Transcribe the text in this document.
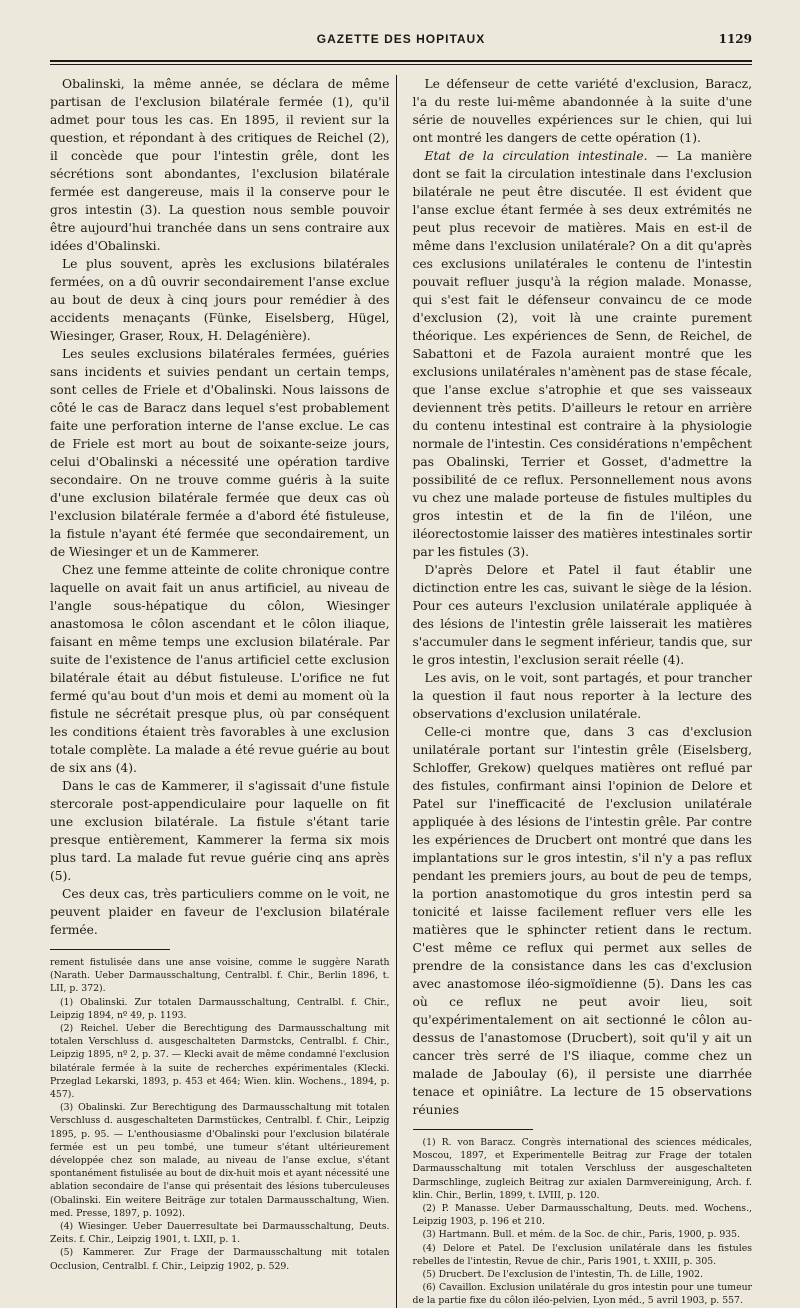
GAZETTE DES HOPITAUX	1129

Obalinski, la même année, se déclara de même partisan de l'exclusion bilatérale fermée (1), qu'il admet pour tous les cas. En 1895, il revient sur la question, et répondant à des critiques de Reichel (2), il concède que pour l'intestin grêle, dont les sécrétions sont abondantes, l'exclusion bilatérale fermée est dangereuse, mais il la conserve pour le gros intestin (3). La question nous semble pouvoir être aujourd'hui tranchée dans un sens contraire aux idées d'Obalinski.

Le plus souvent, après les exclusions bilatérales fermées, on a dû ouvrir secondairement l'anse exclue au bout de deux à cinq jours pour remédier à des accidents menaçants (Fünke, Eiselsberg, Hügel, Wiesinger, Graser, Roux, H. Delagénière).

Les seules exclusions bilatérales fermées, guéries sans incidents et suivies pendant un certain temps, sont celles de Friele et d'Obalinski. Nous laissons de côté le cas de Baracz dans lequel s'est probablement faite une perforation interne de l'anse exclue. Le cas de Friele est mort au bout de soixante-seize jours, celui d'Obalinski a nécessité une opération tardive secondaire. On ne trouve comme guéris à la suite d'une exclusion bilatérale fermée que deux cas où l'exclusion bilatérale fermée a d'abord été fistuleuse, la fistule n'ayant été fermée que secondairement, un de Wiesinger et un de Kammerer.

Chez une femme atteinte de colite chronique contre laquelle on avait fait un anus artificiel, au niveau de l'angle sous-hépatique du côlon, Wiesinger anastomosa le côlon ascendant et le côlon iliaque, faisant en même temps une exclusion bilatérale. Par suite de l'existence de l'anus artificiel cette exclusion bilatérale était au début fistuleuse. L'orifice ne fut fermé qu'au bout d'un mois et demi au moment où la fistule ne sécrétait presque plus, où par conséquent les conditions étaient très favorables à une exclusion totale complète. La malade a été revue guérie au bout de six ans (4).

Dans le cas de Kammerer, il s'agissait d'une fistule stercorale post-appendiculaire pour laquelle on fit une exclusion bilatérale. La fistule s'étant tarie presque entièrement, Kammerer la ferma six mois plus tard. La malade fut revue guérie cinq ans après (5).

Ces deux cas, très particuliers comme on le voit, ne peuvent plaider en faveur de l'exclusion bilatérale fermée.

rement fistulisée dans une anse voisine, comme le suggère Narath (Narath. Ueber Darmausschaltung, Centralbl. f. Chir., Berlin 1896, t. LII, p. 372).

(1) Obalinski. Zur totalen Darmausschaltung, Centralbl. f. Chir., Leipzig 1894, nº 49, p. 1193.

(2) Reichel. Ueber die Berechtigung des Darmausschaltung mit totalen Verschluss d. ausgeschalteten Darmstcks, Centralbl. f. Chir., Leipzig 1895, nº 2, p. 37. — Klecki avait de même condamné l'exclusion bilatérale fermée à la suite de recherches expérimentales (Klecki. Przeglad Lekarski, 1893, p. 453 et 464; Wien. klin. Wochens., 1894, p. 457).

(3) Obalinski. Zur Berechtigung des Darmausschaltung mit totalen Verschluss d. ausgeschalteten Darmstückes, Centralbl. f. Chir., Leipzig 1895, p. 95. — L'enthousiasme d'Obalinski pour l'exclusion bilatérale fermée est un peu tombé, une tumeur s'étant ultérieurement développée chez son malade, au niveau de l'anse exclue, s'étant spontanément fistulisée au bout de dix-huit mois et ayant nécessité une ablation secondaire de l'anse qui présentait des lésions tuberculeuses (Obalinski. Ein weitere Beiträge zur totalen Darmausschaltung, Wien. med. Presse, 1897, p. 1092).

(4) Wiesinger. Ueber Dauerresultate bei Darmausschaltung, Deuts. Zeits. f. Chir., Leipzig 1901, t. LXII, p. 1.

(5) Kammerer. Zur Frage der Darmausschaltung mit totalen Occlusion, Centralbl. f. Chir., Leipzig 1902, p. 529.

Le défenseur de cette variété d'exclusion, Baracz, l'a du reste lui-même abandonnée à la suite d'une série de nouvelles expériences sur le chien, qui lui ont montré les dangers de cette opération (1).

Etat de la circulation intestinale. — La manière dont se fait la circulation intestinale dans l'exclusion bilatérale ne peut être discutée. Il est évident que l'anse exclue étant fermée à ses deux extrémités ne peut plus recevoir de matières. Mais en est-il de même dans l'exclusion unilatérale? On a dit qu'après ces exclusions unilatérales le contenu de l'intestin pouvait refluer jusqu'à la région malade. Monasse, qui s'est fait le défenseur convaincu de ce mode d'exclusion (2), voit là une crainte purement théorique. Les expériences de Senn, de Reichel, de Sabattoni et de Fazola auraient montré que les exclusions unilatérales n'amènent pas de stase fécale, que l'anse exclue s'atrophie et que ses vaisseaux deviennent très petits. D'ailleurs le retour en arrière du contenu intestinal est contraire à la physiologie normale de l'intestin. Ces considérations n'empêchent pas Obalinski, Terrier et Gosset, d'admettre la possibilité de ce reflux. Personnellement nous avons vu chez une malade porteuse de fistules multiples du gros intestin et de la fin de l'iléon, une iléorectostomie laisser des matières intestinales sortir par les fistules (3).

D'après Delore et Patel il faut établir une dictinction entre les cas, suivant le siège de la lésion. Pour ces auteurs l'exclusion unilatérale appliquée à des lésions de l'intestin grêle laisserait les matières s'accumuler dans le segment inférieur, tandis que, sur le gros intestin, l'exclusion serait réelle (4).

Les avis, on le voit, sont partagés, et pour trancher la question il faut nous reporter à la lecture des observations d'exclusion unilatérale.

Celle-ci montre que, dans 3 cas d'exclusion unilatérale portant sur l'intestin grêle (Eiselsberg, Schloffer, Grekow) quelques matières ont reflué par des fistules, confirmant ainsi l'opinion de Delore et Patel sur l'inefficacité de l'exclusion unilatérale appliquée à des lésions de l'intestin grêle. Par contre les expériences de Drucbert ont montré que dans les implantations sur le gros intestin, s'il n'y a pas reflux pendant les premiers jours, au bout de peu de temps, la portion anastomotique du gros intestin perd sa tonicité et laisse facilement refluer vers elle les matières que le sphincter retient dans le rectum. C'est même ce reflux qui permet aux selles de prendre de la consistance dans les cas d'exclusion avec anastomose iléo-sigmoïdienne (5). Dans les cas où ce reflux ne peut avoir lieu, soit qu'expérimentalement on ait sectionné le côlon au-dessus de l'anastomose (Drucbert), soit qu'il y ait un cancer très serré de l'S iliaque, comme chez un malade de Jaboulay (6), il persiste une diarrhée tenace et opiniâtre. La lecture de 15 observations réunies

(1) R. von Baracz. Congrès international des sciences médicales, Moscou, 1897, et Experimentelle Beitrag zur Frage der totalen Darmausschaltung mit totalen Verschluss der ausgeschalteten Darmschlinge, zugleich Beitrag zur axialen Darmvereinigung, Arch. f. klin. Chir., Berlin, 1899, t. LVIII, p. 120.

(2) P. Manasse. Ueber Darmausschaltung, Deuts. med. Wochens., Leipzig 1903, p. 196 et 210.

(3) Hartmann. Bull. et mém. de la Soc. de chir., Paris, 1900, p. 935.

(4) Delore et Patel. De l'exclusion unilatérale dans les fistules rebelles de l'intestin, Revue de chir., Paris 1901, t. XXIII, p. 305.

(5) Drucbert. De l'exclusion de l'intestin, Th. de Lille, 1902.

(6) Cavaillon. Exclusion unilatérale du gros intestin pour une tumeur de la partie fixe du côlon iléo-pelvien, Lyon méd., 5 avril 1903, p. 557.
